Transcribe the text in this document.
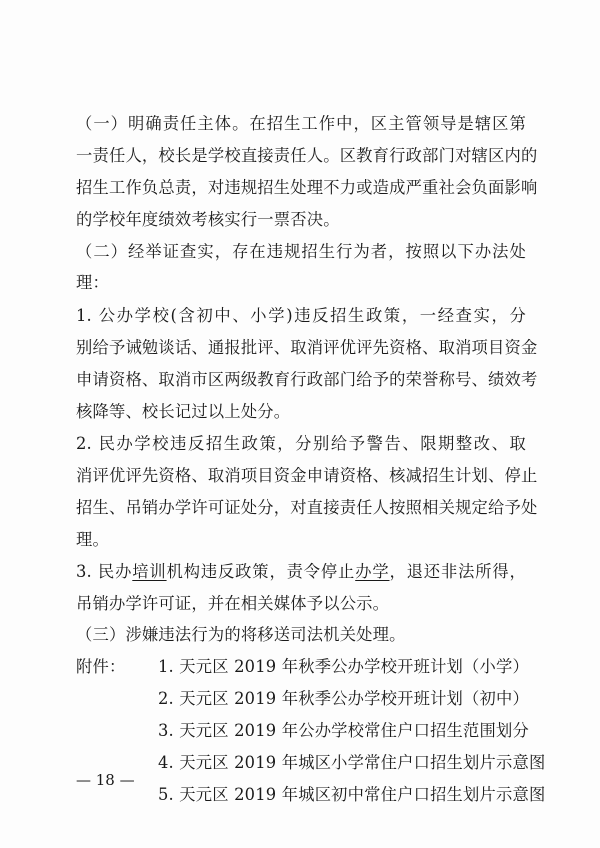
（一）明确责任主体。在招生工作中，区主管领导是辖区第
一责任人，校长是学校直接责任人。区教育行政部门对辖区内的
招生工作负总责，对违规招生处理不力或造成严重社会负面影响
的学校年度绩效考核实行一票否决。
（二）经举证查实，存在违规招生行为者，按照以下办法处
理：
1. 公办学校(含初中、小学)违反招生政策，一经查实，分
别给予诫勉谈话、通报批评、取消评优评先资格、取消项目资金
申请资格、取消市区两级教育行政部门给予的荣誉称号、绩效考
核降等、校长记过以上处分。
2. 民办学校违反招生政策，分别给予警告、限期整改、取
消评优评先资格、取消项目资金申请资格、核减招生计划、停止
招生、吊销办学许可证处分，对直接责任人按照相关规定给予处
理。
3. 民办培训机构违反政策，责令停止办学，退还非法所得，
吊销办学许可证，并在相关媒体予以公示。
（三）涉嫌违法行为的将移送司法机关处理。
附件：	1. 天元区 2019 年秋季公办学校开班计划（小学）
2. 天元区 2019 年秋季公办学校开班计划（初中）
3. 天元区 2019 年公办学校常住户口招生范围划分
4. 天元区 2019 年城区小学常住户口招生划片示意图
5. 天元区 2019 年城区初中常住户口招生划片示意图
— 18 —
